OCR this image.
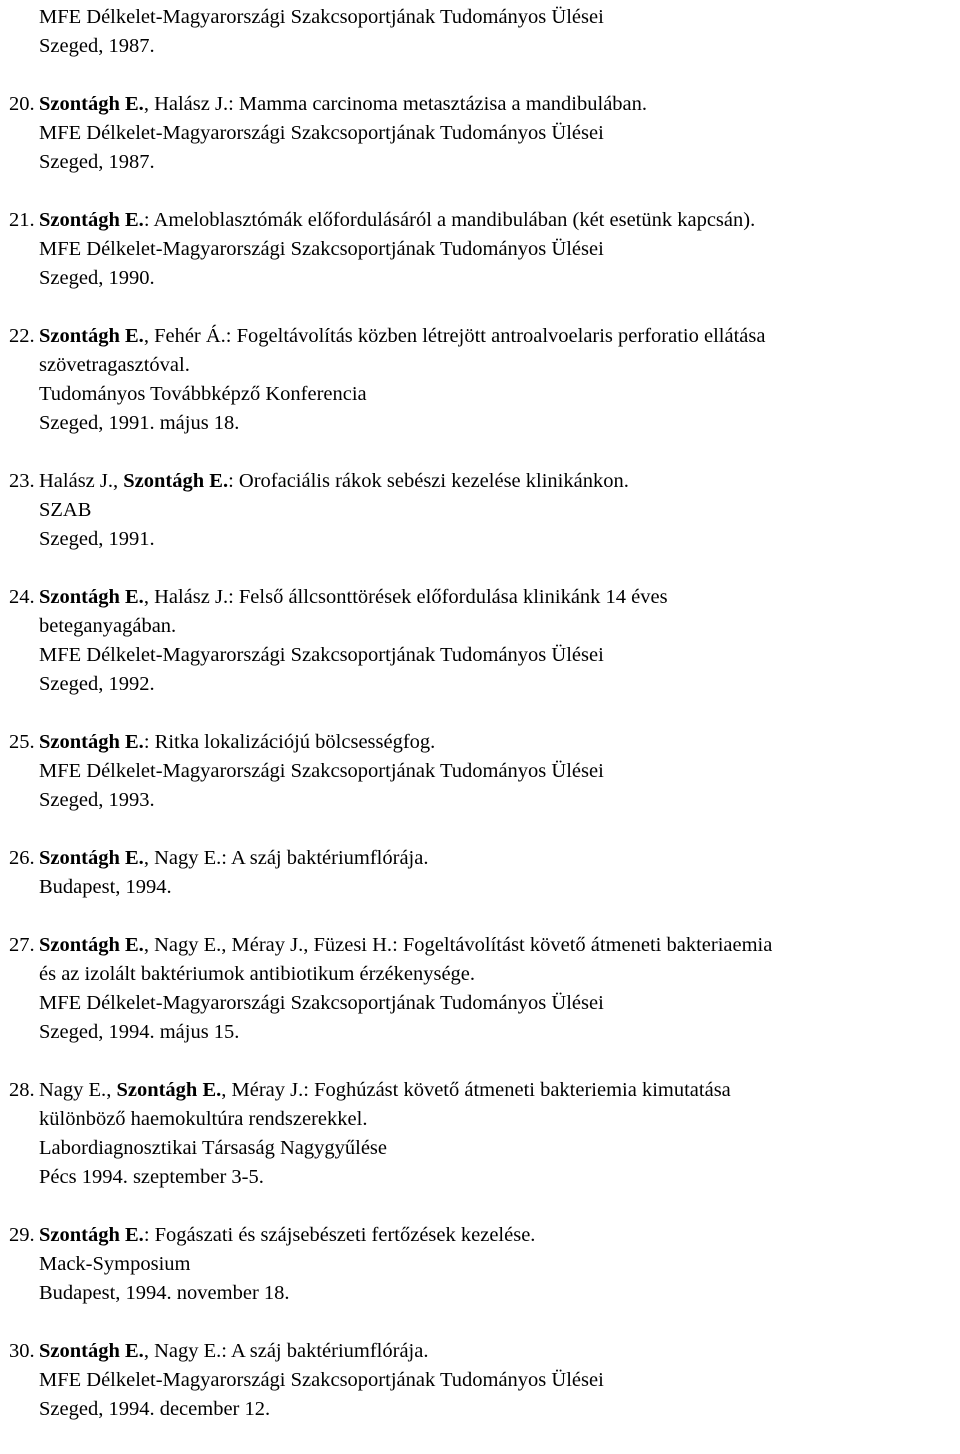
MFE Délkelet-Magyarországi Szakcsoportjának Tudományos Ülései
Szeged, 1987.
20. Szontágh E., Halász J.: Mamma carcinoma metasztázisa a mandibulában.
MFE Délkelet-Magyarországi Szakcsoportjának Tudományos Ülései
Szeged, 1987.
21. Szontágh E.: Ameloblasztómák előfordulásáról a mandibulában (két esetünk kapcsán).
MFE Délkelet-Magyarországi Szakcsoportjának Tudományos Ülései
Szeged, 1990.
22. Szontágh E., Fehér Á.: Fogeltávolítás közben létrejött antroalvoelaris perforatio ellátása
szövetragasztóval.
Tudományos Továbbképző Konferencia
Szeged, 1991. május 18.
23. Halász J., Szontágh E.: Orofaciális rákok sebészi kezelése klinikánkon.
SZAB
Szeged, 1991.
24. Szontágh E., Halász J.: Felső állcsonttörések előfordulása klinikánk 14 éves
beteganyagában.
MFE Délkelet-Magyarországi Szakcsoportjának Tudományos Ülései
Szeged, 1992.
25. Szontágh E.: Ritka lokalizációjú bölcsességfog.
MFE Délkelet-Magyarországi Szakcsoportjának Tudományos Ülései
Szeged, 1993.
26. Szontágh E., Nagy E.: A száj baktériumflórája.
Budapest, 1994.
27. Szontágh E., Nagy E., Méray J., Füzesi H.: Fogeltávolítást követő átmeneti bakteriaemia
és az izolált baktériumok antibiotikum érzékenysége.
MFE Délkelet-Magyarországi Szakcsoportjának Tudományos Ülései
Szeged, 1994. május 15.
28. Nagy E., Szontágh E., Méray J.: Foghúzást követő átmeneti bakteriemia kimutatása
különböző haemokultúra rendszerekkel.
Labordiagnosztikai Társaság Nagygyűlése
Pécs 1994. szeptember 3-5.
29. Szontágh E.: Fogászati és szájsebészeti fertőzések kezelése.
Mack-Symposium
Budapest, 1994. november 18.
30. Szontágh E., Nagy E.: A száj baktériumflórája.
MFE Délkelet-Magyarországi Szakcsoportjának Tudományos Ülései
Szeged, 1994. december 12.
